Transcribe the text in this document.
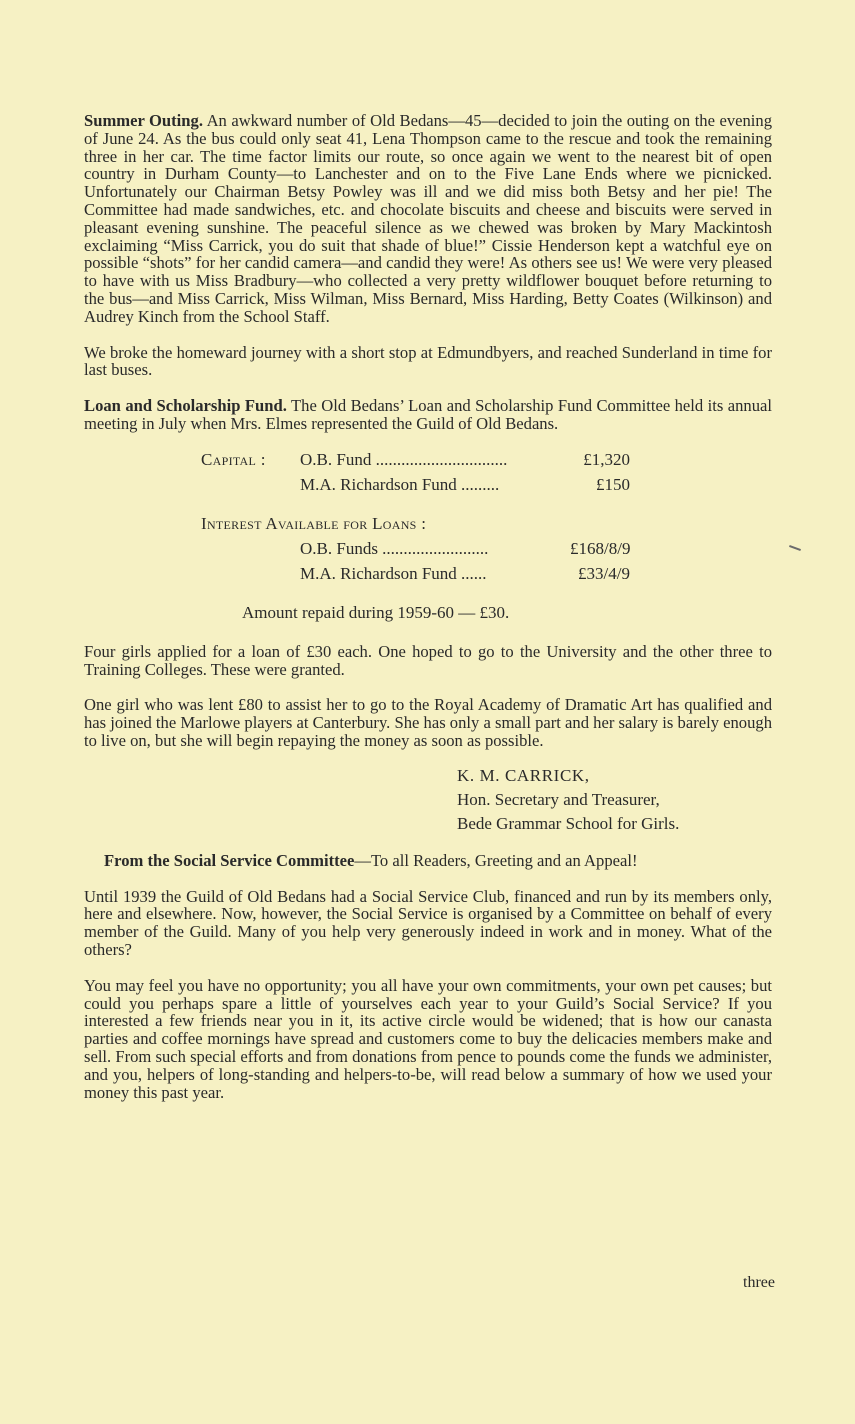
Summer Outing. An awkward number of Old Bedans—45—decided to join the outing on the evening of June 24. As the bus could only seat 41, Lena Thompson came to the rescue and took the remaining three in her car. The time factor limits our route, so once again we went to the nearest bit of open country in Durham County—to Lanchester and on to the Five Lane Ends where we picnicked. Unfortunately our Chairman Betsy Powley was ill and we did miss both Betsy and her pie! The Committee had made sandwiches, etc. and chocolate biscuits and cheese and biscuits were served in pleasant evening sunshine. The peaceful silence as we chewed was broken by Mary Mackintosh exclaiming “Miss Carrick, you do suit that shade of blue!” Cissie Henderson kept a watchful eye on possible “shots” for her candid camera—and candid they were! As others see us! We were very pleased to have with us Miss Bradbury—who collected a very pretty wildflower bouquet before returning to the bus—and Miss Carrick, Miss Wilman, Miss Bernard, Miss Harding, Betty Coates (Wilkinson) and Audrey Kinch from the School Staff.

We broke the homeward journey with a short stop at Edmundbyers, and reached Sunderland in time for last buses.

Loan and Scholarship Fund. The Old Bedans’ Loan and Scholarship Fund Committee held its annual meeting in July when Mrs. Elmes represented the Guild of Old Bedans.

Capital :	O.B. Fund ...............................	£1,320
M.A. Richardson Fund .........	£150
Interest Available for Loans :
O.B. Funds .........................	£168/8/9
M.A. Richardson Fund ......	£33/4/9
Amount repaid during 1959-60 — £30.

Four girls applied for a loan of £30 each. One hoped to go to the University and the other three to Training Colleges. These were granted.

One girl who was lent £80 to assist her to go to the Royal Academy of Dramatic Art has qualified and has joined the Marlowe players at Canterbury. She has only a small part and her salary is barely enough to live on, but she will begin repaying the money as soon as possible.

K. M. CARRICK,
Hon. Secretary and Treasurer,
Bede Grammar School for Girls.

From the Social Service Committee—To all Readers, Greeting and an Appeal!

Until 1939 the Guild of Old Bedans had a Social Service Club, financed and run by its members only, here and elsewhere. Now, however, the Social Service is organised by a Committee on behalf of every member of the Guild. Many of you help very generously indeed in work and in money. What of the others?

You may feel you have no opportunity; you all have your own commitments, your own pet causes; but could you perhaps spare a little of yourselves each year to your Guild’s Social Service? If you interested a few friends near you in it, its active circle would be widened; that is how our canasta parties and coffee mornings have spread and customers come to buy the delicacies members make and sell. From such special efforts and from donations from pence to pounds come the funds we administer, and you, helpers of long-standing and helpers-to-be, will read below a summary of how we used your money this past year.

three
